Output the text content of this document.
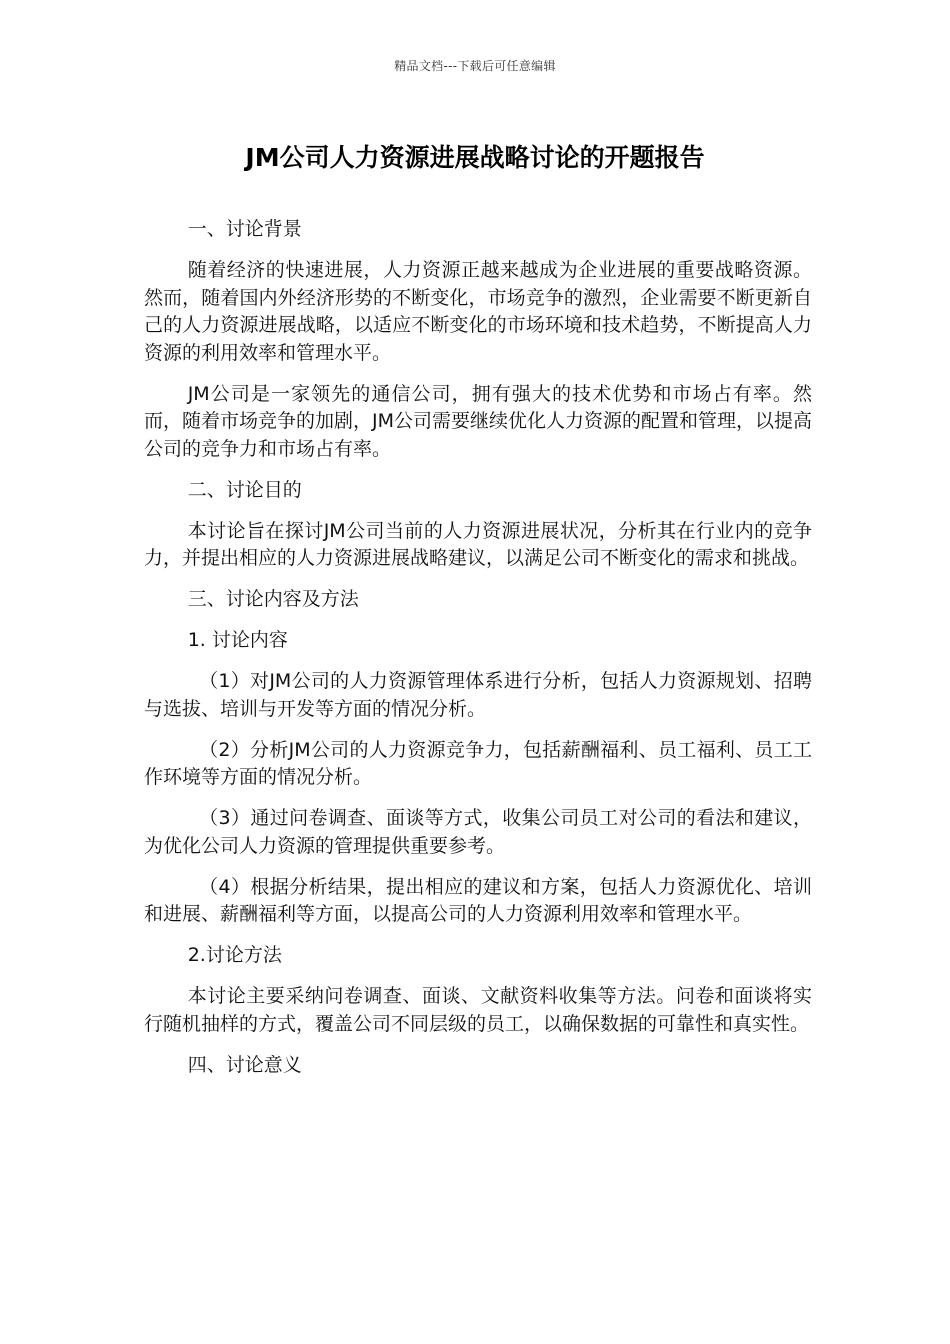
精品文档---下载后可任意编辑
JM公司人力资源进展战略讨论的开题报告

一、讨论背景

随着经济的快速进展，人力资源正越来越成为企业进展的重要战略资源。然而，随着国内外经济形势的不断变化，市场竞争的激烈，企业需要不断更新自己的人力资源进展战略，以适应不断变化的市场环境和技术趋势，不断提高人力资源的利用效率和管理水平。

JM公司是一家领先的通信公司，拥有强大的技术优势和市场占有率。然而，随着市场竞争的加剧，JM公司需要继续优化人力资源的配置和管理，以提高公司的竞争力和市场占有率。

二、讨论目的

本讨论旨在探讨JM公司当前的人力资源进展状况，分析其在行业内的竞争力，并提出相应的人力资源进展战略建议，以满足公司不断变化的需求和挑战。

三、讨论内容及方法

1. 讨论内容

（1）对JM公司的人力资源管理体系进行分析，包括人力资源规划、招聘与选拔、培训与开发等方面的情况分析。

（2）分析JM公司的人力资源竞争力，包括薪酬福利、员工福利、员工工作环境等方面的情况分析。

（3）通过问卷调查、面谈等方式，收集公司员工对公司的看法和建议，为优化公司人力资源的管理提供重要参考。

（4）根据分析结果，提出相应的建议和方案，包括人力资源优化、培训和进展、薪酬福利等方面，以提高公司的人力资源利用效率和管理水平。

2.讨论方法

本讨论主要采纳问卷调查、面谈、文献资料收集等方法。问卷和面谈将实行随机抽样的方式，覆盖公司不同层级的员工，以确保数据的可靠性和真实性。

四、讨论意义
